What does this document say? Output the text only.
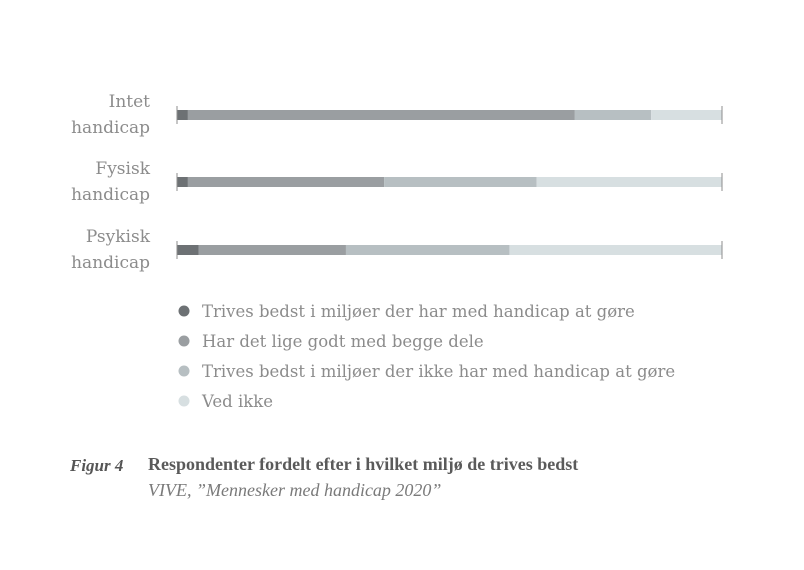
Intet
handicap
Fysisk
handicap
Psykisk
handicap
Trives bedst i miljøer der har med handicap at gøre
Har det lige godt med begge dele
Trives bedst i miljøer der ikke har med handicap at gøre
Ved ikke
Figur 4 Respondenter fordelt efter i hvilket miljø de trives bedst
VIVE, ”Mennesker med handicap 2020”
